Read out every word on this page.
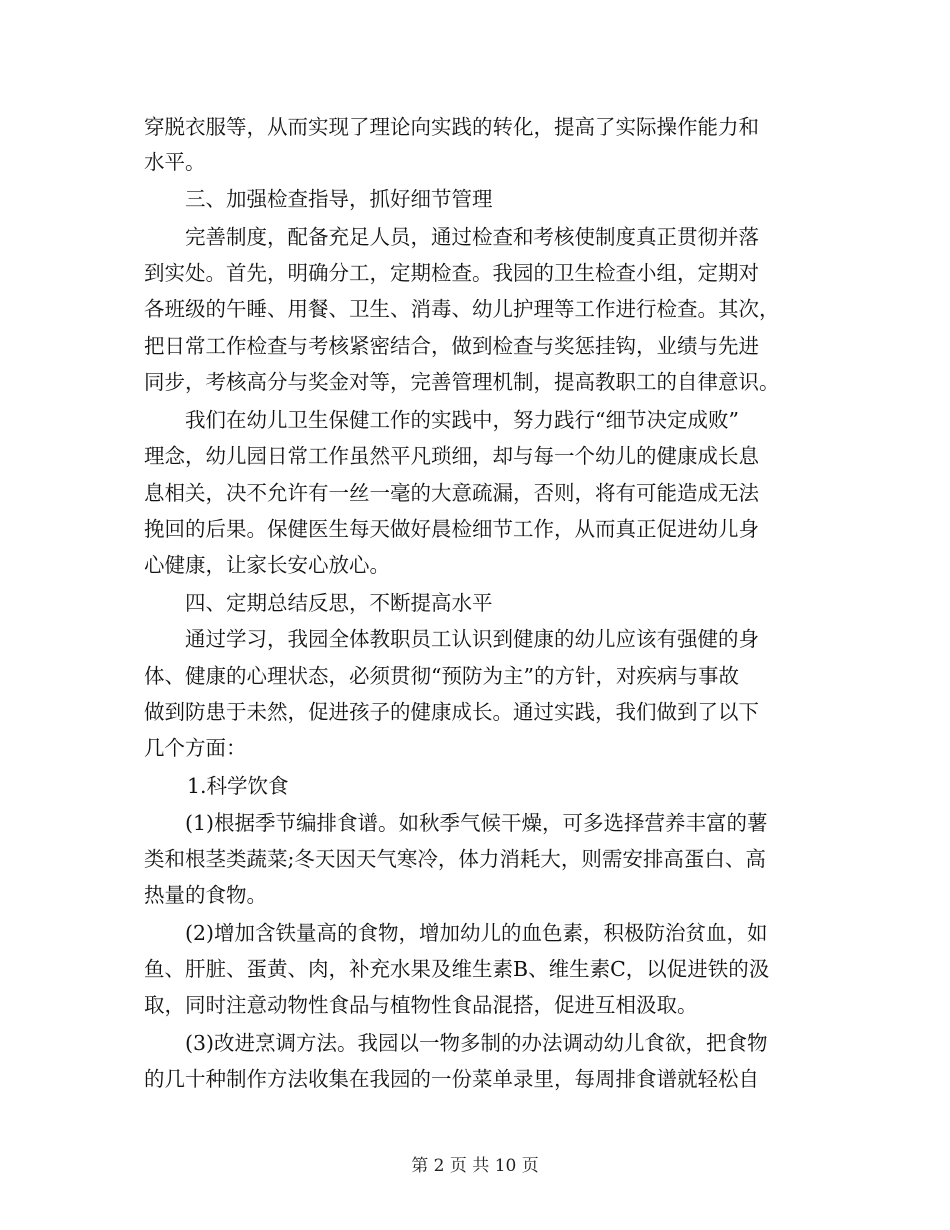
穿脱衣服等，从而实现了理论向实践的转化，提高了实际操作能力和
水平。
三、加强检查指导，抓好细节管理
完善制度，配备充足人员，通过检查和考核使制度真正贯彻并落
到实处。首先，明确分工，定期检查。我园的卫生检查小组，定期对
各班级的午睡、用餐、卫生、消毒、幼儿护理等工作进行检查。其次，
把日常工作检查与考核紧密结合，做到检查与奖惩挂钩，业绩与先进
同步，考核高分与奖金对等，完善管理机制，提高教职工的自律意识。
我们在幼儿卫生保健工作的实践中，努力践行“细节决定成败”
理念，幼儿园日常工作虽然平凡琐细，却与每一个幼儿的健康成长息
息相关，决不允许有一丝一毫的大意疏漏，否则，将有可能造成无法
挽回的后果。保健医生每天做好晨检细节工作，从而真正促进幼儿身
心健康，让家长安心放心。
四、定期总结反思，不断提高水平
通过学习，我园全体教职员工认识到健康的幼儿应该有强健的身
体、健康的心理状态，必须贯彻“预防为主”的方针，对疾病与事故
做到防患于未然，促进孩子的健康成长。通过实践，我们做到了以下
几个方面：
1.科学饮食
(1)根据季节编排食谱。如秋季气候干燥，可多选择营养丰富的薯
类和根茎类蔬菜;冬天因天气寒冷，体力消耗大，则需安排高蛋白、高
热量的食物。
(2)增加含铁量高的食物，增加幼儿的血色素，积极防治贫血，如
鱼、肝脏、蛋黄、肉，补充水果及维生素B、维生素C，以促进铁的汲
取，同时注意动物性食品与植物性食品混搭，促进互相汲取。
(3)改进烹调方法。我园以一物多制的办法调动幼儿食欲，把食物
的几十种制作方法收集在我园的一份菜单录里，每周排食谱就轻松自
第 2 页 共 10 页
